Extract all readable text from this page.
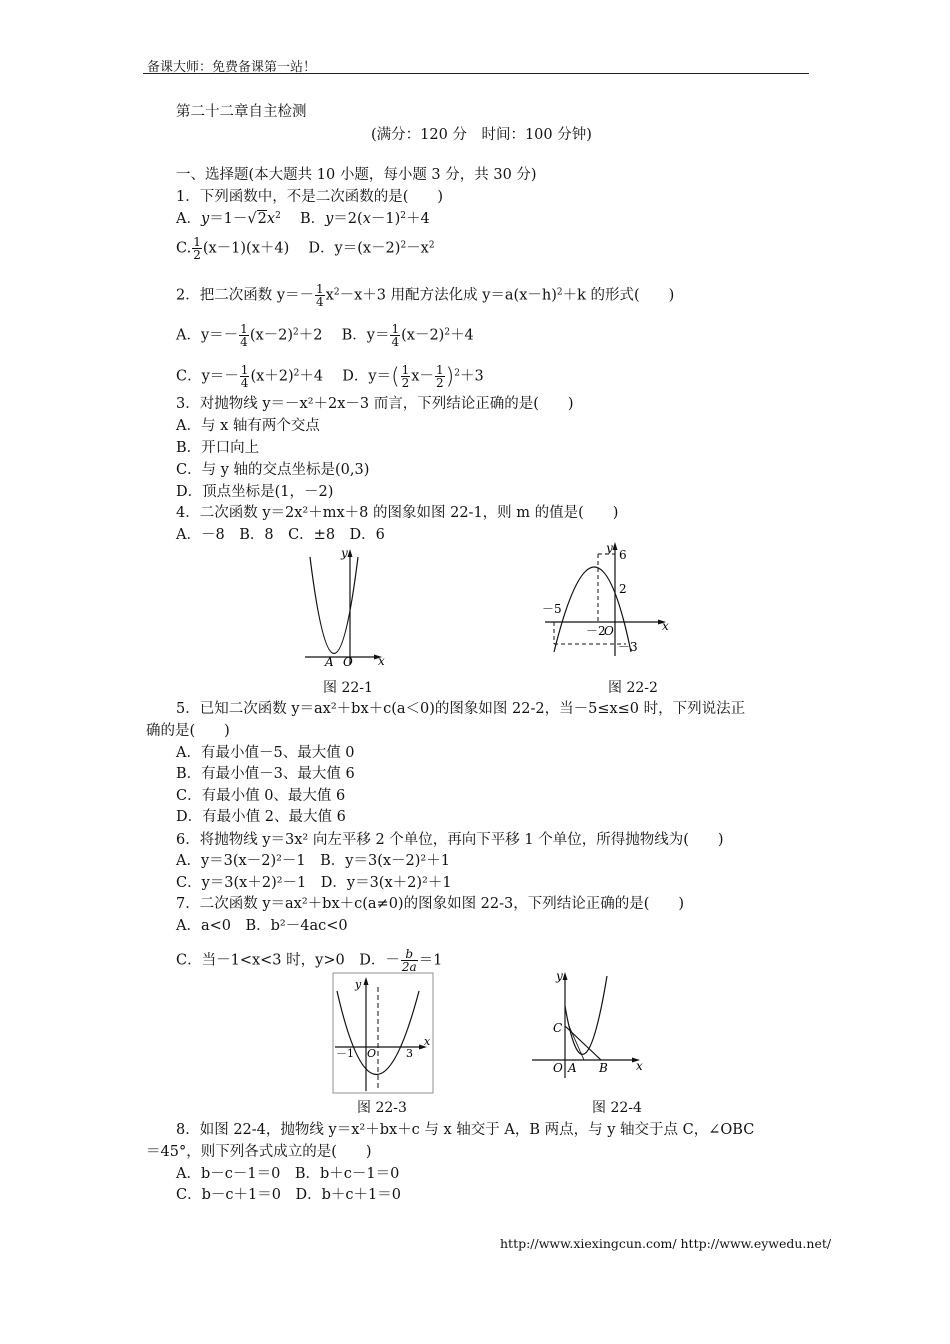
备课大师：免费备课第一站！
第二十二章自主检测
(满分：120 分　时间：100 分钟)
一、选择题(本大题共 10 小题，每小题 3 分，共 30 分)
1．下列函数中，不是二次函数的是(　　)
A．$y=1-√2x^2$　 B．$y=2(x-1)^2+4$
C. $\frac{1}{2} (x-1)(x+4)$　 D．$y=(x-2)^2-x^2$
2．把二次函数 $y=- \frac{1}{4} x^2-x+3$ 用配方法化成 $y=a(x-h)^2+k$ 的形式(　　)
A．$y=- \frac{1}{4} (x-2)^2+2$　 B．$y= \frac{1}{4} (x-2)^2+4$
C．$y=- \frac{1}{4} (x+2)^2+4$　 D．$y=( \frac{1}{2} x- \frac{1}{2} )^2+3$
3．对抛物线 y＝－x²＋2x－3 而言，下列结论正确的是(　　)
A．与 x 轴有两个交点
B．开口向上
C．与 y 轴的交点坐标是(0,3)
D．顶点坐标是(1，－2)
4．二次函数 y＝2x²＋mx＋8 的图象如图 22-1，则 m 的值是(　　)
A．－8　B．8　C．±8　D．6
y
x
A O
图 22-1
y
x
6
2
－5
－2
O
－3
图 22-2
5．已知二次函数 y＝ax²＋bx＋c(a＜0)的图象如图 22-2，当－5≤x≤0 时，下列说法正
确的是(　　)
A．有最小值－5、最大值 0
B．有最小值－3、最大值 6
C．有最小值 0、最大值 6
D．有最小值 2、最大值 6
6．将抛物线 y＝3x² 向左平移 2 个单位，再向下平移 1 个单位，所得抛物线为(　　)
A．y＝3(x－2)²－1　B．y＝3(x－2)²＋1
C．y＝3(x＋2)²－1　D．y＝3(x＋2)²＋1
7．二次函数 y＝ax²＋bx＋c(a≠0)的图象如图 22-3，下列结论正确的是(　　)
A．a<0　B．b²－4ac<0
C．当－1<x<3 时，y>0　 D．－ $\frac{b}{2a} =1$
y
x
－1 O	3
图 22-3
y
x
C
O A B
图 22-4
8．如图 22-4，抛物线 y＝x²＋bx＋c 与 x 轴交于 A，B 两点，与 y 轴交于点 C，∠OBC
＝45°，则下列各式成立的是(　　)
A．b－c－1＝0　B．b＋c－1＝0
C．b－c＋1＝0　D．b＋c＋1＝0
http://www.xiexingcun.com/ http://www.eywedu.net/
